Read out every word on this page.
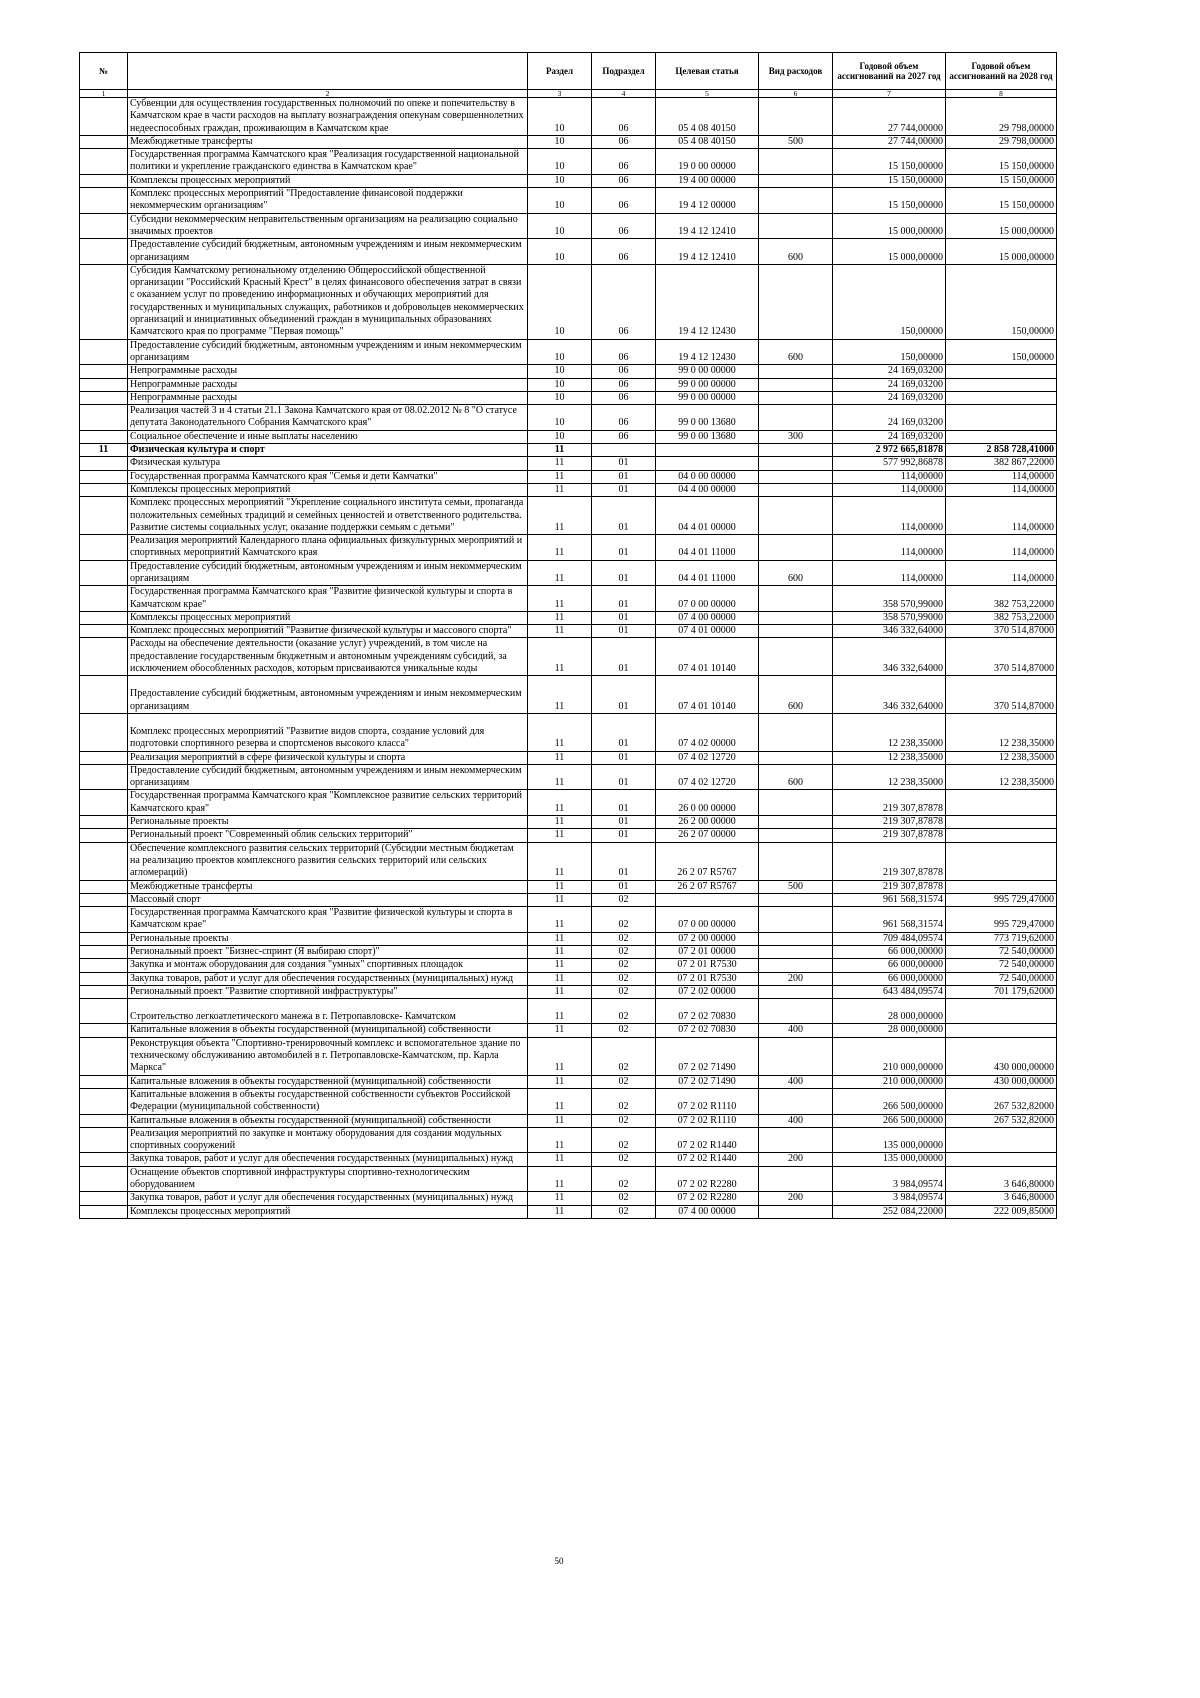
№		Раздел	Подраздел	Целевая статья	Вид расходов	Годовой объем ассигнований на 2027 год	Годовой объем ассигнований на 2028 год
1	2	3	4	5	6	7	8
	Субвенции для осуществления государственных полномочий по опеке и попечительству в Камчатском крае в части расходов на выплату вознаграждения опекунам совершеннолетних недееспособных граждан, проживающим в Камчатском крае	10	06	05 4 08 40150		27 744,00000	29 798,00000
	Межбюджетные трансферты	10	06	05 4 08 40150	500	27 744,00000	29 798,00000
	Государственная программа Камчатского края "Реализация государственной национальной политики и укрепление гражданского единства в Камчатском крае"	10	06	19 0 00 00000		15 150,00000	15 150,00000
	Комплексы процессных мероприятий	10	06	19 4 00 00000		15 150,00000	15 150,00000
	Комплекс процессных мероприятий "Предоставление финансовой поддержки некоммерческим организациям"	10	06	19 4 12 00000		15 150,00000	15 150,00000
	Субсидии некоммерческим неправительственным организациям на реализацию социально значимых проектов	10	06	19 4 12 12410		15 000,00000	15 000,00000
	Предоставление субсидий бюджетным, автономным учреждениям и иным некоммерческим организациям	10	06	19 4 12 12410	600	15 000,00000	15 000,00000
	Субсидия Камчатскому региональному отделению Общероссийской общественной организации "Российский Красный Крест" в целях финансового обеспечения затрат в связи с оказанием услуг по проведению информационных и обучающих мероприятий для государственных и муниципальных служащих, работников и добровольцев некоммерческих организаций и инициативных объединений граждан в муниципальных образованиях Камчатского края по программе "Первая помощь"	10	06	19 4 12 12430		150,00000	150,00000
	Предоставление субсидий бюджетным, автономным учреждениям и иным некоммерческим организациям	10	06	19 4 12 12430	600	150,00000	150,00000
	Непрограммные расходы	10	06	99 0 00 00000		24 169,03200	
	Непрограммные расходы	10	06	99 0 00 00000		24 169,03200	
	Непрограммные расходы	10	06	99 0 00 00000		24 169,03200	
	Реализация частей 3 и 4 статьи 21.1 Закона Камчатского края от 08.02.2012 № 8 "О статусе депутата Законодательного Собрания Камчатского края"	10	06	99 0 00 13680		24 169,03200	
	Социальное обеспечение и иные выплаты населению	10	06	99 0 00 13680	300	24 169,03200	
11	Физическая культура и спорт	11				2 972 665,81878	2 858 728,41000
	Физическая культура	11	01			577 992,86878	382 867,22000
	Государственная программа Камчатского края "Семья и дети Камчатки"	11	01	04 0 00 00000		114,00000	114,00000
	Комплексы процессных мероприятий	11	01	04 4 00 00000		114,00000	114,00000
	Комплекс процессных мероприятий "Укрепление социального института семьи, пропаганда положительных семейных традиций и семейных ценностей и ответственного родительства. Развитие системы социальных услуг, оказание поддержки семьям с детьми"	11	01	04 4 01 00000		114,00000	114,00000
	Реализация мероприятий Календарного плана официальных физкультурных мероприятий и спортивных мероприятий Камчатского края	11	01	04 4 01 11000		114,00000	114,00000
	Предоставление субсидий бюджетным, автономным учреждениям и иным некоммерческим организациям	11	01	04 4 01 11000	600	114,00000	114,00000
	Государственная программа Камчатского края "Развитие физической культуры и спорта в Камчатском крае"	11	01	07 0 00 00000		358 570,99000	382 753,22000
	Комплексы процессных мероприятий	11	01	07 4 00 00000		358 570,99000	382 753,22000
	Комплекс процессных мероприятий "Развитие физической культуры и массового спорта"	11	01	07 4 01 00000		346 332,64000	370 514,87000
	Расходы на обеспечение деятельности (оказание услуг) учреждений, в том числе на предоставление государственным бюджетным и автономным учреждениям субсидий, за исключением обособленных расходов, которым присваиваются уникальные коды	11	01	07 4 01 10140		346 332,64000	370 514,87000
	Предоставление субсидий бюджетным, автономным учреждениям и иным некоммерческим организациям	11	01	07 4 01 10140	600	346 332,64000	370 514,87000
	Комплекс процессных мероприятий "Развитие видов спорта, создание условий для подготовки спортивного резерва и спортсменов высокого класса"	11	01	07 4 02 00000		12 238,35000	12 238,35000
	Реализация мероприятий в сфере физической культуры и спорта	11	01	07 4 02 12720		12 238,35000	12 238,35000
	Предоставление субсидий бюджетным, автономным учреждениям и иным некоммерческим организациям	11	01	07 4 02 12720	600	12 238,35000	12 238,35000
	Государственная программа Камчатского края "Комплексное развитие сельских территорий Камчатского края"	11	01	26 0 00 00000		219 307,87878	
	Региональные проекты	11	01	26 2 00 00000		219 307,87878	
	Региональный проект "Современный облик сельских территорий"	11	01	26 2 07 00000		219 307,87878	
	Обеспечение комплексного развития сельских территорий (Субсидии местным бюджетам на реализацию проектов комплексного развития сельских территорий или сельских агломераций)	11	01	26 2 07 R5767		219 307,87878	
	Межбюджетные трансферты	11	01	26 2 07 R5767	500	219 307,87878	
	Массовый спорт	11	02			961 568,31574	995 729,47000
	Государственная программа Камчатского края "Развитие физической культуры и спорта в Камчатском крае"	11	02	07 0 00 00000		961 568,31574	995 729,47000
	Региональные проекты	11	02	07 2 00 00000		709 484,09574	773 719,62000
	Региональный проект "Бизнес-спринт (Я выбираю спорт)"	11	02	07 2 01 00000		66 000,00000	72 540,00000
	Закупка и монтаж оборудования для создания "умных" спортивных площадок	11	02	07 2 01 R7530		66 000,00000	72 540,00000
	Закупка товаров, работ и услуг для обеспечения государственных (муниципальных) нужд	11	02	07 2 01 R7530	200	66 000,00000	72 540,00000
	Региональный проект "Развитие спортивной инфраструктуры"	11	02	07 2 02 00000		643 484,09574	701 179,62000
	Строительство легкоатлетического манежа в г. Петропавловске- Камчатском	11	02	07 2 02 70830		28 000,00000	
	Капитальные вложения в объекты государственной (муниципальной) собственности	11	02	07 2 02 70830	400	28 000,00000	
	Реконструкция объекта "Спортивно-тренировочный комплекс и вспомогательное здание по техническому обслуживанию автомобилей в г. Петропавловске-Камчатском, пр. Карла Маркса"	11	02	07 2 02 71490		210 000,00000	430 000,00000
	Капитальные вложения в объекты государственной (муниципальной) собственности	11	02	07 2 02 71490	400	210 000,00000	430 000,00000
	Капитальные вложения в объекты государственной собственности субъектов Российской Федерации (муниципальной собственности)	11	02	07 2 02 R1110		266 500,00000	267 532,82000
	Капитальные вложения в объекты государственной (муниципальной) собственности	11	02	07 2 02 R1110	400	266 500,00000	267 532,82000
	Реализация мероприятий по закупке и монтажу оборудования для создания модульных спортивных сооружений	11	02	07 2 02 R1440		135 000,00000	
	Закупка товаров, работ и услуг для обеспечения государственных (муниципальных) нужд	11	02	07 2 02 R1440	200	135 000,00000	
	Оснащение объектов спортивной инфраструктуры спортивно-технологическим оборудованием	11	02	07 2 02 R2280		3 984,09574	3 646,80000
	Закупка товаров, работ и услуг для обеспечения государственных (муниципальных) нужд	11	02	07 2 02 R2280	200	3 984,09574	3 646,80000
	Комплексы процессных мероприятий	11	02	07 4 00 00000		252 084,22000	222 009,85000
50
